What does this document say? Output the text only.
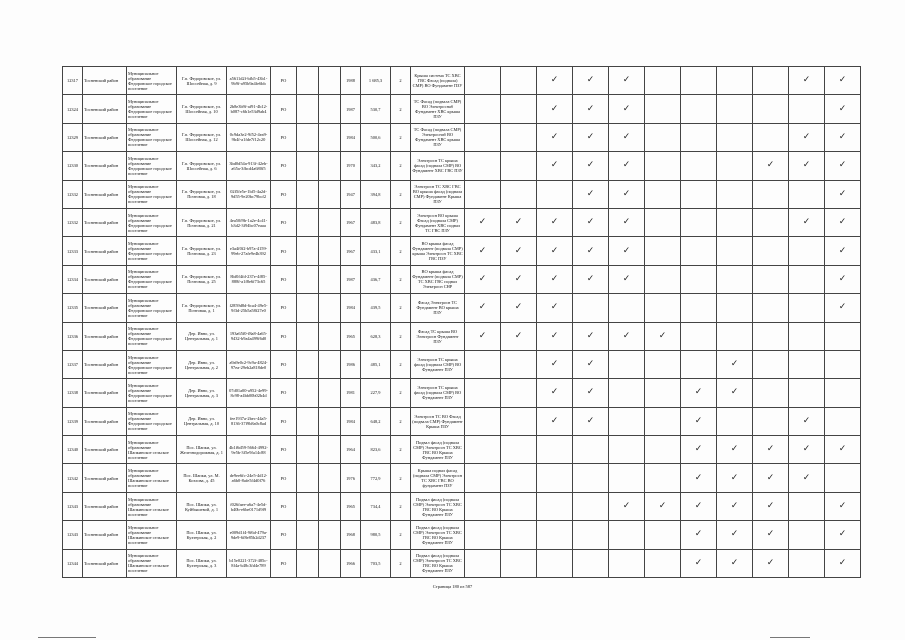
12317	Тосненский район	Муниципальное образование Федоровское городское поселение	Г.п. Федоровское, ул. Шоссейная, д. 9	a5611d2f-bfb5-43b1-9b9f-a95b9a4fe6bb	РО			1988	1 685,3	2	Крыша система ТС ХВС ГВС Фасад (подвала) СМР) ВО Фундамент ПЗУ			✓	✓	✓					✓	✓	
12324	Тосненский район	Муниципальное образование Федоровское городское поселение	Г.п. Федоровское, ул. Шоссейная, д. 10	2b8e3b9f-af91-4b12-b087-c6b1e53d9ab4	РО			1987	530,7	2	ТС Фасад (подвала СМР) ВО Электроснаб Фундамент ХВС крыша ПЗУ			✓	✓	✓						✓	
12329	Тосненский район	Муниципальное образование Федоровское городское поселение	Г.п. Федоровское, ул. Шоссейная, д. 12	0c9da3e2-9f52-4ea9-9b4f-a1fde7f12c20	РО			1984	500,6	2	ТС Фасад (подвала СМР) Электроснаб ВО Фундамент ХВС крыша ПЗУ			✓	✓	✓					✓	✓	
12330	Тосненский район	Муниципальное образование Федоровское городское поселение	Г.п. Федоровское, ул. Шоссейная, д. 6	3bd0d54a-913f-42eb-a65a-3fbcd4a680f5	РО			1970	343,2	2	Электросн ТС крыша фасад (подвала СМР) ВО Фундамент ХВС ГВС ПЗУ			✓	✓	✓				✓	✓	✓	
12332	Тосненский район	Муниципальное образование Федоровское городское поселение	Г.п. Федоровское, ул. Почтовая, д. 18	02f5fe5e-1bf5-4a2d-9d55-9e20bc79bcf2	РО			1947	394,8	2	Электросн ТС ХВС ГВС ВО крыша фасад (подвала СМР) Фундамент Крыша ПЗУ				✓	✓						✓	
12332	Тосненский район	Муниципальное образование Федоровское городское поселение	Г.п. Федоровское, ул. Почтовая, д. 21	4ea50f9b-1a2e-4c41-b3d2-3f94bc07eaaa	РО			1967	483,8	2	Электросн ВО крыша Фасад (подвала СМР) Фундамент ХВС подвал ТС ГВС ПЗУ	✓	✓	✓	✓	✓					✓	✓	
12333	Тосненский район	Муниципальное образование Федоровское городское поселение	Г.п. Федоровское, ул. Почтовая, д. 23	e3a4f0f2-b97a-4159-99eb-27afe9e4b392	РО			1967	433,1	2	ВО крыша фасад Фундамент (подвала СМР) крыша Электросн ТС ХВС ГВС ПЗУ	✓	✓	✓	✓	✓						✓	
12334	Тосненский район	Муниципальное образование Федоровское городское поселение	Г.п. Федоровское, ул. Почтовая, д. 25	8bf0f4fd-237e-4f85-888f-a1f8e6f73c65	РО			1987	436,7	2	ВО крыша фасад Фундамент (подвала СМР) ТС ХВС ГВС подвал Электросн СНР	✓	✓	✓	✓	✓						✓	
12335	Тосненский район	Муниципальное образование Федоровское городское поселение	Г.п. Федоровское, ул. Почтовая, д. 1	f2859d8d-6ca4-49e5-9f3d-25b5a58f27e0	РО			1984	439,5	2	Фасад Электросн ТС Фундамент ВО крыша ПЗУ	✓	✓	✓								✓	
12336	Тосненский район	Муниципальное образование Федоровское городское поселение	Дер. Ивно, ул. Центральная, д. 1	193a65f0-f8a8-4a65-9432-b9a4a499f6d0	РО			1965	628,3	2	Фасад ТС крыша ВО Электросн Фундамент ПЗУ	✓	✓	✓	✓	✓	✓						
12337	Тосненский район	Муниципальное образование Федоровское городское поселение	Дер. Ивно, ул. Центральная, д. 2	a9a9e0c2-9c9a-4824-97ea-29eb2a818de0	РО			1986	485,1	2	Электросн ТС крыша фасад (подвала СМР) ВО Фундамент ПЗУ			✓	✓				✓				
12338	Тосненский район	Муниципальное образование Федоровское городское поселение	Дер. Ивно, ул. Центральная, д. 3	07d01a00-a952-4e99-8c98-a4bb00b02b4d	РО			1981	227,9	2	Электросн ТС крыша фасад (подвала СМР) ВО Фундамент ПЗУ			✓	✓			✓	✓				
12339	Тосненский район	Муниципальное образование Федоровское городское поселение	Дер. Ивно, ул. Центральная, д. 10	fee1937a-2bec-44a5-8136-37f9b8a0c8ad	РО			1984	648,2	2	Электросн ТС ВО Фасад (подвала СМР) Фундамент Крыша ПЗУ			✓	✓			✓			✓		
12340	Тосненский район	Муниципальное образование Шапкинское сельское поселение	Пос. Шапки, ул. Железнодорожная, д. 1	4b1f6d59-5664-4992-9e5b-3f5e9fa14c88	РО			1964	823,6	2	Подвал фасад (подвала СМР) Электросн ТС ХВС ГВС ВО Крыша Фундамент ПЗУ							✓	✓	✓	✓	✓	
12342	Тосненский район	Муниципальное образование Шапкинское сельское поселение	Пос. Шапки, ул. М. Козлова, д. 45	de9ee6fc-24e5-4d12-a6b0-8afe5f4d0f76	РО			1976	772,9	2	Крыша подвал фасад (подвала СМР) Электросн ТС ХВС ГВС ВО фундамент ПЗУ							✓	✓	✓	✓		
12343	Тосненский район	Муниципальное образование Шапкинское сельское поселение	Пос. Шапки, ул. Куйбышевой, д. 1	f026faee-a6a7-4e5d-b40b-e6be0171d9f9	РО			1965	734,4	2	Подвал фасад (подвала СМР) Электросн ТС ХВС ГВС ВО Крыша Фундамент ПЗУ					✓	✓	✓	✓	✓		✓	
12343	Тосненский район	Муниципальное образование Шапкинское сельское поселение	Пос. Шапки, ул. Кухтерская, д. 2	e009d1f4-9f6d-479a-9de9-6f8e85b2d237	РО			1968	980,5	2	Подвал фасад (подвала СМР) Электросн ТС ХВС ГВС ВО Крыша Фундамент ПЗУ							✓	✓	✓		✓	
12344	Тосненский район	Муниципальное образование Шапкинское сельское поселение	Пос. Шапки, ул. Кухтерская, д. 3	b15e0221-372f-485c-8f4a-b48c3fd4e789	РО			1966	703,5	2	Подвал фасад (подвала СМР) Электросн ТС ХВС ГВС ВО Крыша Фундамент ПЗУ							✓	✓	✓		✓	
Страница 180 из 587
